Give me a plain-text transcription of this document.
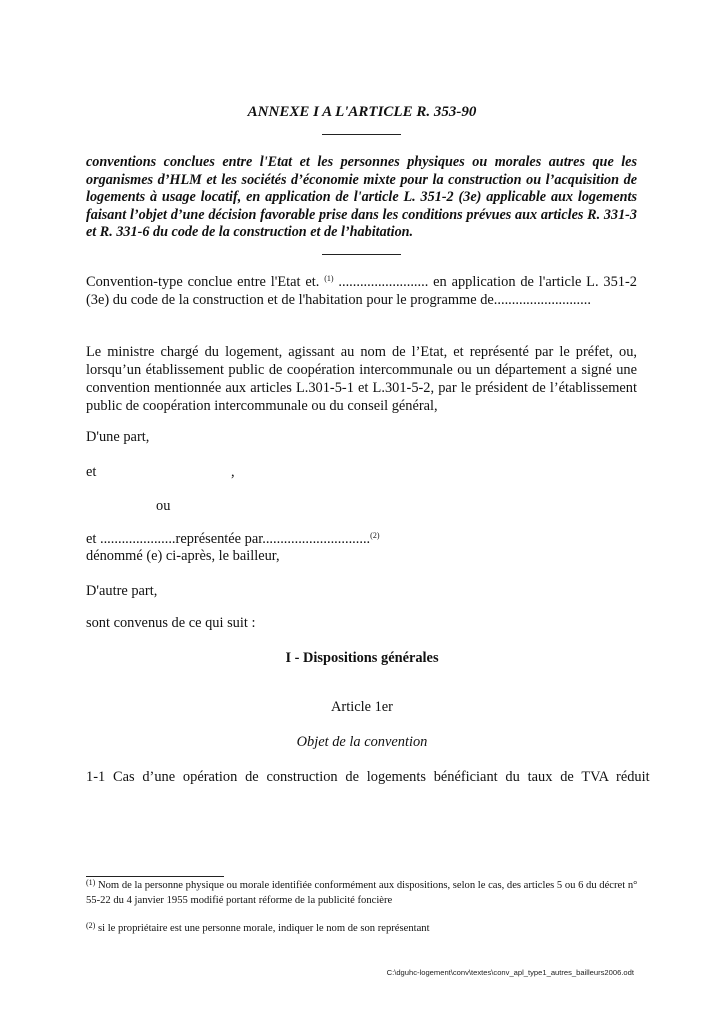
ANNEXE I A L'ARTICLE R. 353-90
conventions conclues entre l'Etat et les personnes physiques ou morales autres que les organismes d’HLM et les sociétés d’économie mixte pour la construction ou l’acquisition de logements à usage locatif, en application de l'article L. 351-2 (3e) applicable aux logements faisant l’objet d’une décision favorable prise dans les conditions prévues aux articles R. 331-3 et R. 331-6 du code de la construction et de l’habitation.
Convention-type conclue entre l'Etat et. $^{(1)}$ ......................... en application de l'article L. 351-2 (3e) du code de la construction et de l'habitation pour le programme de...........................
Le ministre chargé du logement, agissant au nom de l’Etat, et représenté par le préfet, ou, lorsqu’un établissement public de coopération intercommunale ou un département a signé une convention mentionnée aux articles L.301-5-1 et L.301-5-2, par le président de l’établissement public de coopération intercommunale ou du conseil général,
D'une part,
et	,
ou
et .....................représentée par..............................$^{(2)}$
dénommé (e) ci-après, le bailleur,
D'autre part,
sont convenus de ce qui suit :
I - Dispositions générales
Article 1er
Objet de la convention
1-1 Cas d’une opération de construction de logements bénéficiant du taux de TVA réduit
$^{(1)}$ Nom de la personne physique ou morale identifiée conformément aux dispositions, selon le cas, des articles 5 ou 6 du décret n° 55-22 du 4 janvier 1955 modifié portant réforme de la publicité foncière
$^{(2)}$ si le propriétaire est une personne morale, indiquer le nom de son représentant
C:\dguhc-logement\conv\textes\conv_apl_type1_autres_bailleurs2006.odt
